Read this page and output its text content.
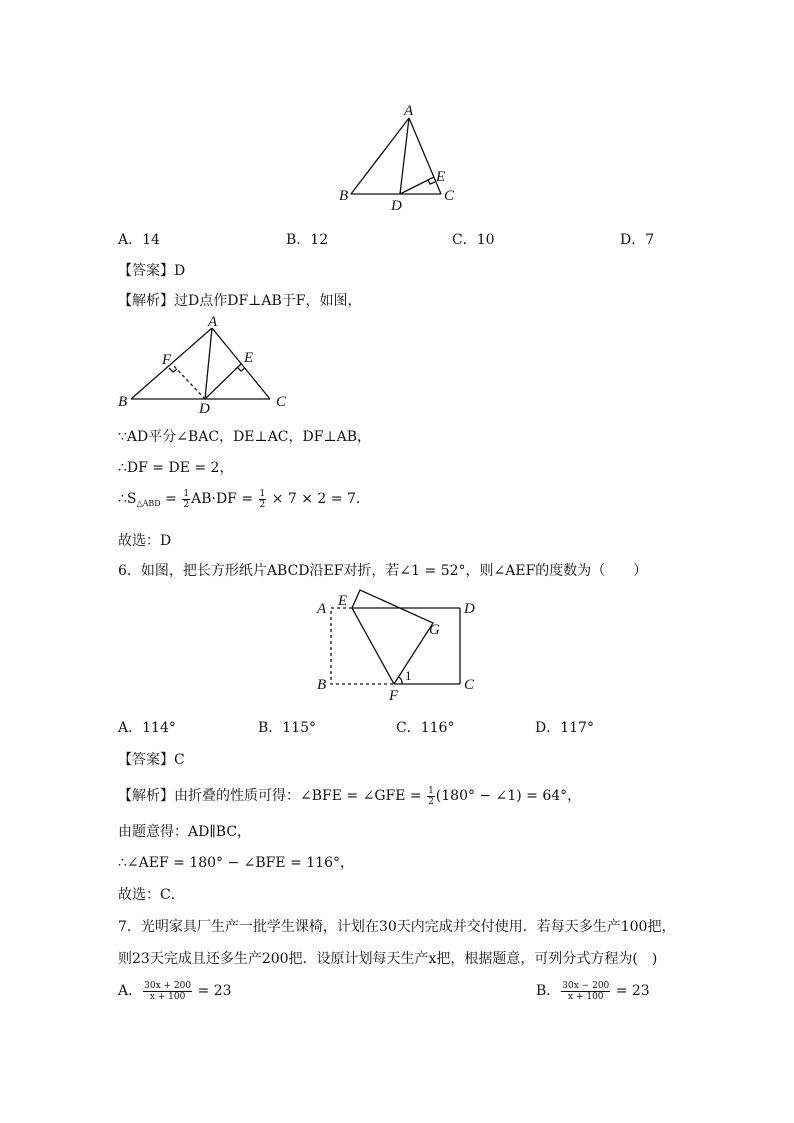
A
B	C
D
E
A．14	B．12	C．10	D．7
【答案】D
【解析】过D点作DF⊥AB于F，如图，
A
B	C
D
E
F
∵AD平分∠BAC，DE⊥AC，DF⊥AB，
∴DF = DE = 2，
$\therefore S_{\triangle ABD} = \frac{1}{2} AB\cdot DF = \frac{1}{2} \times 7 \times 2 = 7$．
故选：D
6．如图，把长方形纸片ABCD沿EF对折，若∠1 = 52°，则∠AEF的度数为（　　）
A
B	C
D
E
F
G
1
A．114°	B．115°	C．116°	D．117°
【答案】C
【解析】由折叠的性质可得：∠BFE = ∠GFE = $\frac{1}{2} (180^\circ$ − ∠1) = 64°，
由题意得：AD∥BC，
∴∠AEF = 180° − ∠BFE = 116°，
故选：C．
7．光明家具厂生产一批学生课椅，计划在30天内完成并交付使用．若每天多生产100把，
则23天完成且还多生产200把．设原计划每天生产x把，根据题意，可列分式方程为(　)
A． $\frac{30x + 200}{x + 100} = 23$	B． $\frac{30x - 200}{x + 100} = 23$
